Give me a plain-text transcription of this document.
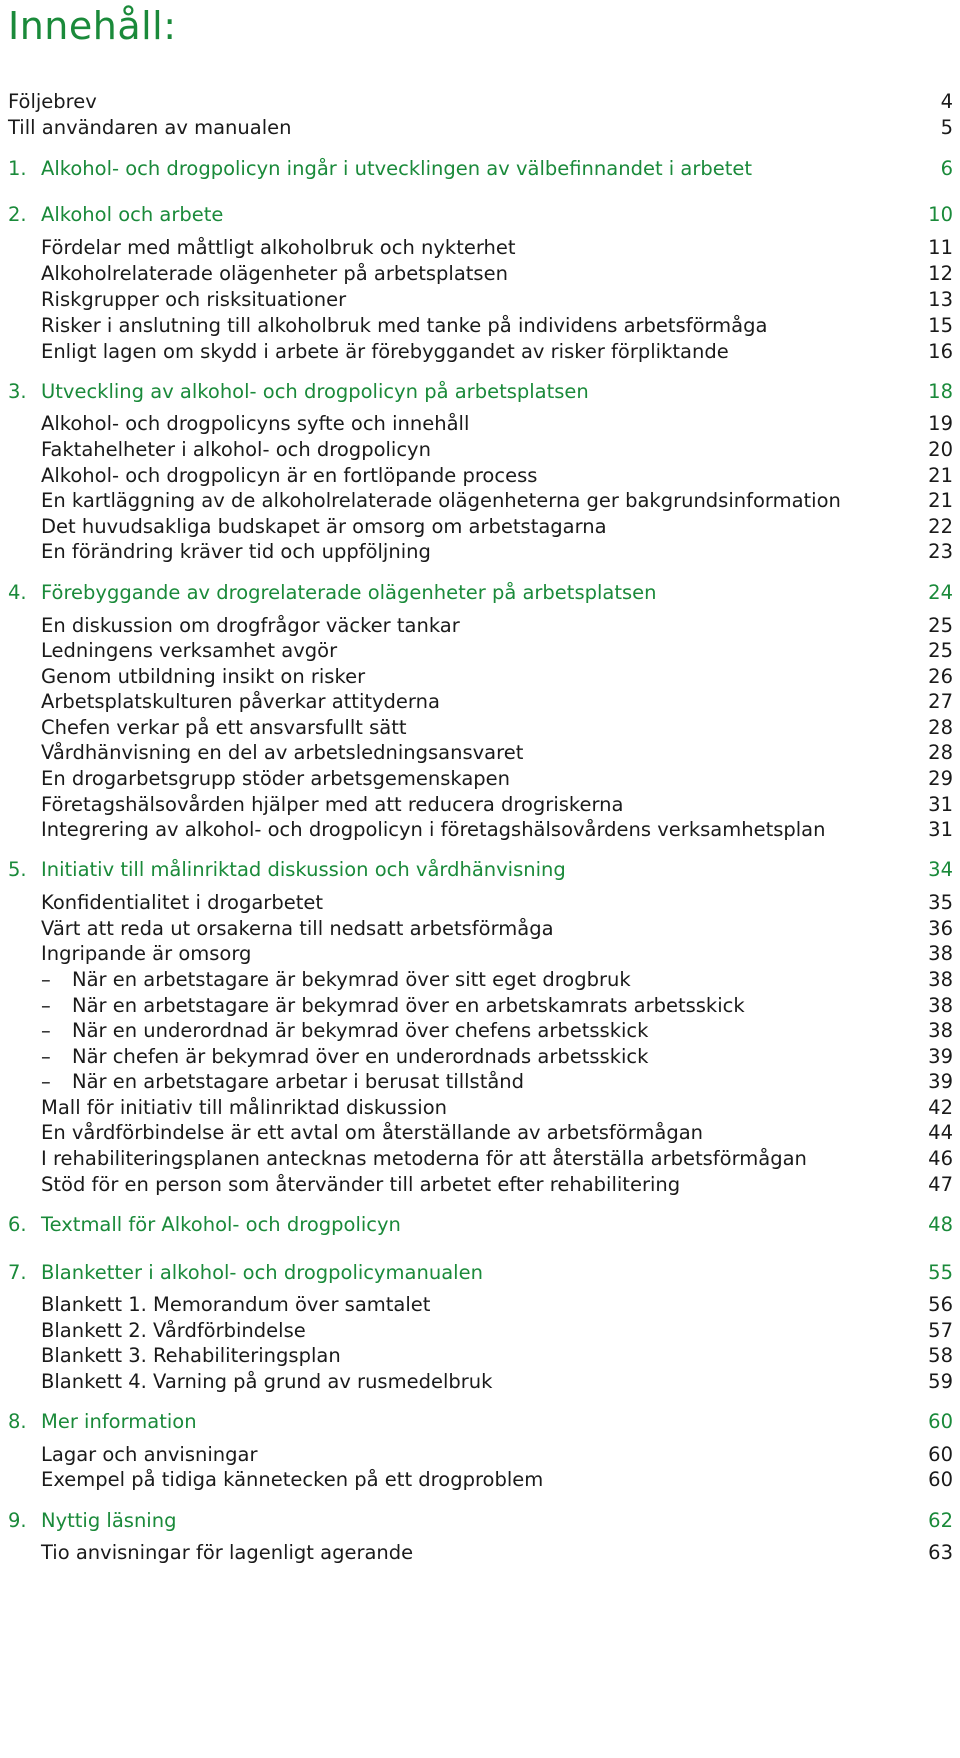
Innehåll:
Följebrev	4
Till användaren av manualen	5
1. Alkohol- och drogpolicyn ingår i utvecklingen av välbefinnandet i arbetet	6
2. Alkohol och arbete	10
Fördelar med måttligt alkoholbruk och nykterhet	11
Alkoholrelaterade olägenheter på arbetsplatsen	12
Riskgrupper och risksituationer	13
Risker i anslutning till alkoholbruk med tanke på individens arbetsförmåga	15
Enligt lagen om skydd i arbete är förebyggandet av risker förpliktande	16
3. Utveckling av alkohol- och drogpolicyn på arbetsplatsen	18
Alkohol- och drogpolicyns syfte och innehåll	19
Faktahelheter i alkohol- och drogpolicyn	20
Alkohol- och drogpolicyn är en fortlöpande process	21
En kartläggning av de alkoholrelaterade olägenheterna ger bakgrundsinformation	21
Det huvudsakliga budskapet är omsorg om arbetstagarna	22
En förändring kräver tid och uppföljning	23
4. Förebyggande av drogrelaterade olägenheter på arbetsplatsen	24
En diskussion om drogfrågor väcker tankar	25
Ledningens verksamhet avgör	25
Genom utbildning insikt on risker	26
Arbetsplatskulturen påverkar attityderna	27
Chefen verkar på ett ansvarsfullt sätt	28
Vårdhänvisning en del av arbetsledningsansvaret	28
En drogarbetsgrupp stöder arbetsgemenskapen	29
Företagshälsovården hjälper med att reducera drogriskerna	31
Integrering av alkohol- och drogpolicyn i företagshälsovårdens verksamhetsplan	31
5. Initiativ till målinriktad diskussion och vårdhänvisning	34
Konfidentialitet i drogarbetet	35
Värt att reda ut orsakerna till nedsatt arbetsförmåga	36
Ingripande är omsorg	38
– När en arbetstagare är bekymrad över sitt eget drogbruk	38
– När en arbetstagare är bekymrad över en arbetskamrats arbetsskick	38
– När en underordnad är bekymrad över chefens arbetsskick	38
– När chefen är bekymrad över en underordnads arbetsskick	39
– När en arbetstagare arbetar i berusat tillstånd	39
Mall för initiativ till målinriktad diskussion	42
En vårdförbindelse är ett avtal om återställande av arbetsförmågan	44
I rehabiliteringsplanen antecknas metoderna för att återställa arbetsförmågan	46
Stöd för en person som återvänder till arbetet efter rehabilitering	47
6. Textmall för Alkohol- och drogpolicyn	48
7. Blanketter i alkohol- och drogpolicymanualen	55
Blankett 1. Memorandum över samtalet	56
Blankett 2. Vårdförbindelse	57
Blankett 3. Rehabiliteringsplan	58
Blankett 4. Varning på grund av rusmedelbruk	59
8. Mer information	60
Lagar och anvisningar	60
Exempel på tidiga kännetecken på ett drogproblem	60
9. Nyttig läsning	62
Tio anvisningar för lagenligt agerande	63
